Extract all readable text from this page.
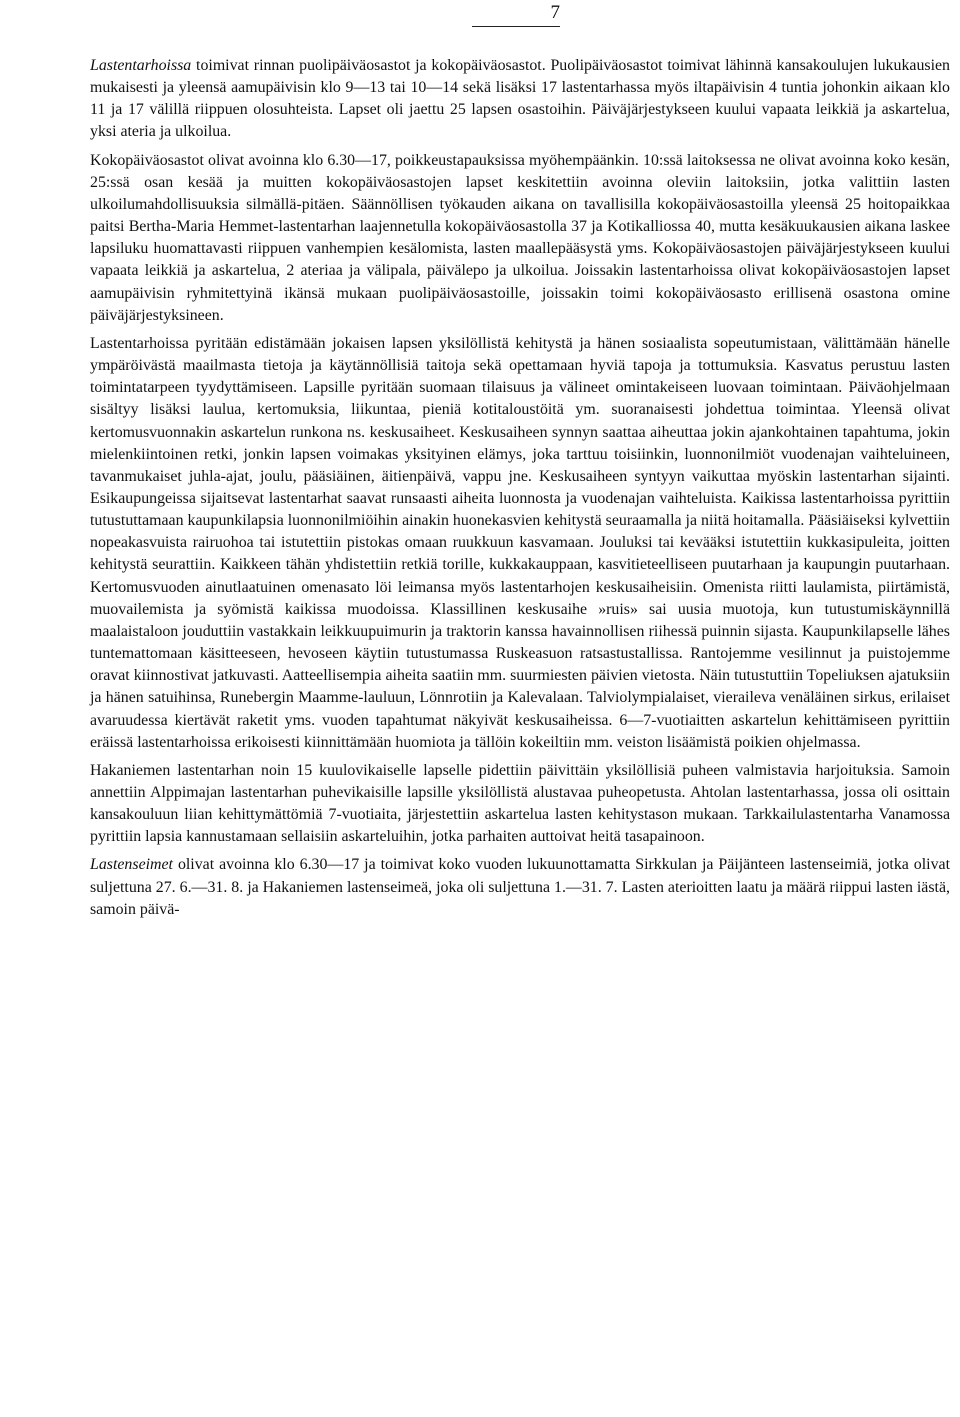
7

Lastentarhoissa toimivat rinnan puolipäiväosastot ja kokopäiväosastot. Puolipäiväosastot toimivat lähinnä kansakoulujen lukukausien mukaisesti ja yleensä aamupäivisin klo 9—13 tai 10—14 sekä lisäksi 17 lastentarhassa myös iltapäivisin 4 tuntia johonkin aikaan klo 11 ja 17 välillä riippuen olosuhteista. Lapset oli jaettu 25 lapsen osastoihin. Päiväjärjestykseen kuului vapaata leikkiä ja askartelua, yksi ateria ja ulkoilua.

Kokopäiväosastot olivat avoinna klo 6.30—17, poikkeustapauksissa myöhempäänkin. 10:ssä laitoksessa ne olivat avoinna koko kesän, 25:ssä osan kesää ja muitten kokopäiväosastojen lapset keskitettiin avoinna oleviin laitoksiin, jotka valittiin lasten ulkoilumahdollisuuksia silmällä-pitäen. Säännöllisen työkauden aikana on tavallisilla kokopäiväosastoilla yleensä 25 hoitopaikkaa paitsi Bertha-Maria Hemmet-lastentarhan laajennetulla kokopäiväosastolla 37 ja Kotikalliossa 40, mutta kesäkuukausien aikana laskee lapsiluku huomattavasti riippuen vanhempien kesälomista, lasten maallepääsystä yms. Kokopäiväosastojen päiväjärjestykseen kuului vapaata leikkiä ja askartelua, 2 ateriaa ja välipala, päivälepo ja ulkoilua. Joissakin lastentarhoissa olivat kokopäiväosastojen lapset aamupäivisin ryhmitettyinä ikänsä mukaan puolipäiväosastoille, joissakin toimi kokopäiväosasto erillisenä osastona omine päiväjärjestyksineen.

Lastentarhoissa pyritään edistämään jokaisen lapsen yksilöllistä kehitystä ja hänen sosiaalista sopeutumistaan, välittämään hänelle ympäröivästä maailmasta tietoja ja käytännöllisiä taitoja sekä opettamaan hyviä tapoja ja tottumuksia. Kasvatus perustuu lasten toimintatarpeen tyydyttämiseen. Lapsille pyritään suomaan tilaisuus ja välineet omintakeiseen luovaan toimintaan. Päiväohjelmaan sisältyy lisäksi laulua, kertomuksia, liikuntaa, pieniä kotitaloustöitä ym. suoranaisesti johdettua toimintaa. Yleensä olivat kertomusvuonnakin askartelun runkona ns. keskusaiheet. Keskusaiheen synnyn saattaa aiheuttaa jokin ajankohtainen tapahtuma, jokin mielenkiintoinen retki, jonkin lapsen voimakas yksityinen elämys, joka tarttuu toisiinkin, luonnonilmiöt vuodenajan vaihteluineen, tavanmukaiset juhla-ajat, joulu, pääsiäinen, äitienpäivä, vappu jne. Keskusaiheen syntyyn vaikuttaa myöskin lastentarhan sijainti. Esikaupungeissa sijaitsevat lastentarhat saavat runsaasti aiheita luonnosta ja vuodenajan vaihteluista. Kaikissa lastentarhoissa pyrittiin tutustuttamaan kaupunkilapsia luonnonilmiöihin ainakin huonekasvien kehitystä seuraamalla ja niitä hoitamalla. Pääsiäiseksi kylvettiin nopeakasvuista rairuohoa tai istutettiin pistokas omaan ruukkuun kasvamaan. Jouluksi tai kevääksi istutettiin kukkasipuleita, joitten kehitystä seurattiin. Kaikkeen tähän yhdistettiin retkiä torille, kukkakauppaan, kasvitieteelliseen puutarhaan ja kaupungin puutarhaan. Kertomusvuoden ainutlaatuinen omenasato löi leimansa myös lastentarhojen keskusaiheisiin. Omenista riitti laulamista, piirtämistä, muovailemista ja syömistä kaikissa muodoissa. Klassillinen keskusaihe »ruis» sai uusia muotoja, kun tutustumiskäynnillä maalaistaloon jouduttiin vastakkain leikkuupuimurin ja traktorin kanssa havainnollisen riihessä puinnin sijasta. Kaupunkilapselle lähes tuntemattomaan käsitteeseen, hevoseen käytiin tutustumassa Ruskeasuon ratsastustallissa. Rantojemme vesilinnut ja puistojemme oravat kiinnostivat jatkuvasti. Aatteellisempia aiheita saatiin mm. suurmiesten päivien vietosta. Näin tutustuttiin Topeliuksen ajatuksiin ja hänen satuihinsa, Runebergin Maamme-lauluun, Lönnrotiin ja Kalevalaan. Talviolympialaiset, vieraileva venäläinen sirkus, erilaiset avaruudessa kiertävät raketit yms. vuoden tapahtumat näkyivät keskusaiheissa. 6—7-vuotiaitten askartelun kehittämiseen pyrittiin eräissä lastentarhoissa erikoisesti kiinnittämään huomiota ja tällöin kokeiltiin mm. veiston lisäämistä poikien ohjelmassa.

Hakaniemen lastentarhan noin 15 kuulovikaiselle lapselle pidettiin päivittäin yksilöllisiä puheen valmistavia harjoituksia. Samoin annettiin Alppimajan lastentarhan puhevikaisille lapsille yksilöllistä alustavaa puheopetusta. Ahtolan lastentarhassa, jossa oli osittain kansakouluun liian kehittymättömiä 7-vuotiaita, järjestettiin askartelua lasten kehitystason mukaan. Tarkkailulastentarha Vanamossa pyrittiin lapsia kannustamaan sellaisiin askarteluihin, jotka parhaiten auttoivat heitä tasapainoon.

Lastenseimet olivat avoinna klo 6.30—17 ja toimivat koko vuoden lukuunottamatta Sirkkulan ja Päijänteen lastenseimiä, jotka olivat suljettuna 27. 6.—31. 8. ja Hakaniemen lastenseimeä, joka oli suljettuna 1.—31. 7. Lasten aterioitten laatu ja määrä riippui lasten iästä, samoin päivä-
